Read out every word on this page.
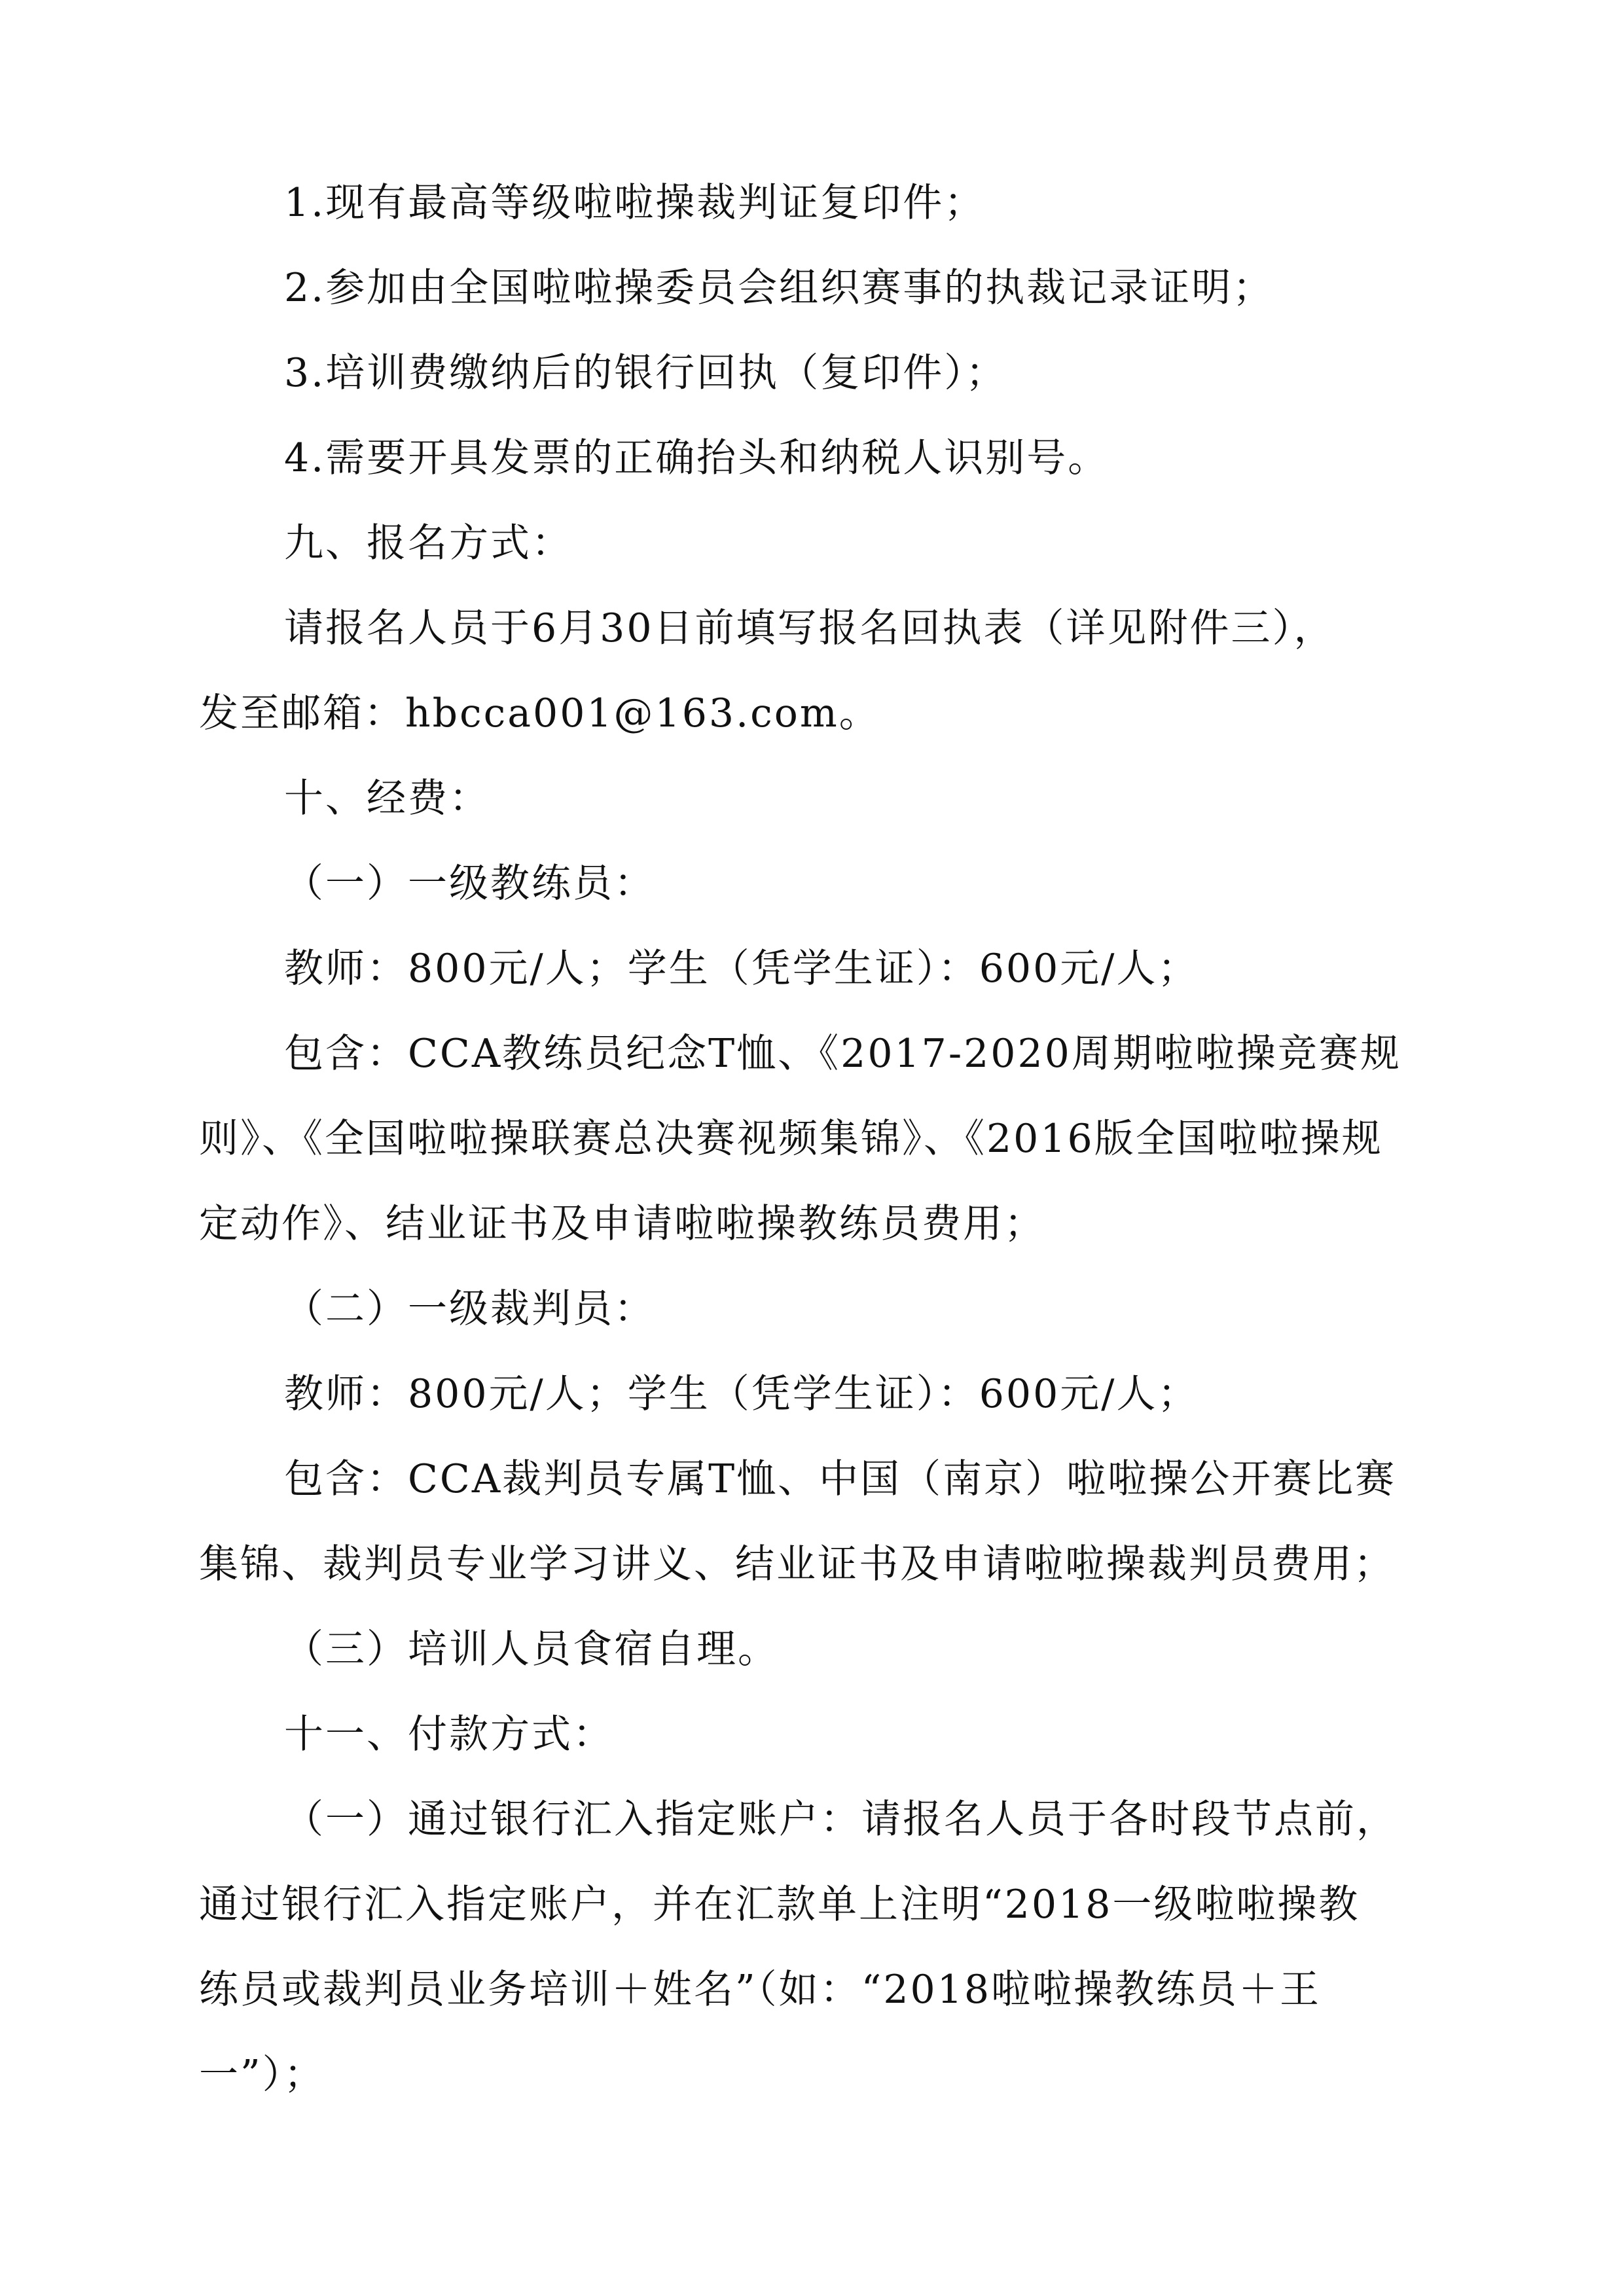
1.现有最高等级啦啦操裁判证复印件；
2.参加由全国啦啦操委员会组织赛事的执裁记录证明；
3.培训费缴纳后的银行回执（复印件）；
4.需要开具发票的正确抬头和纳税人识别号。
九、报名方式：
请报名人员于6月30日前填写报名回执表（详见附件三），
发至邮箱：hbcca001@163.com。
十、经费：
（一）一级教练员：
教师：800元/人；学生（凭学生证）：600元/人；
包含：CCA教练员纪念T恤、《2017-2020周期啦啦操竞赛规
则》、《全国啦啦操联赛总决赛视频集锦》、《2016版全国啦啦操规
定动作》、结业证书及申请啦啦操教练员费用；
（二）一级裁判员：
教师：800元/人；学生（凭学生证）：600元/人；
包含：CCA裁判员专属T恤、中国（南京）啦啦操公开赛比赛
集锦、裁判员专业学习讲义、结业证书及申请啦啦操裁判员费用；
（三）培训人员食宿自理。
十一、付款方式：
（一）通过银行汇入指定账户：请报名人员于各时段节点前，
通过银行汇入指定账户，并在汇款单上注明“2018一级啦啦操教
练员或裁判员业务培训＋姓名”（如：“2018啦啦操教练员＋王
一”）；
